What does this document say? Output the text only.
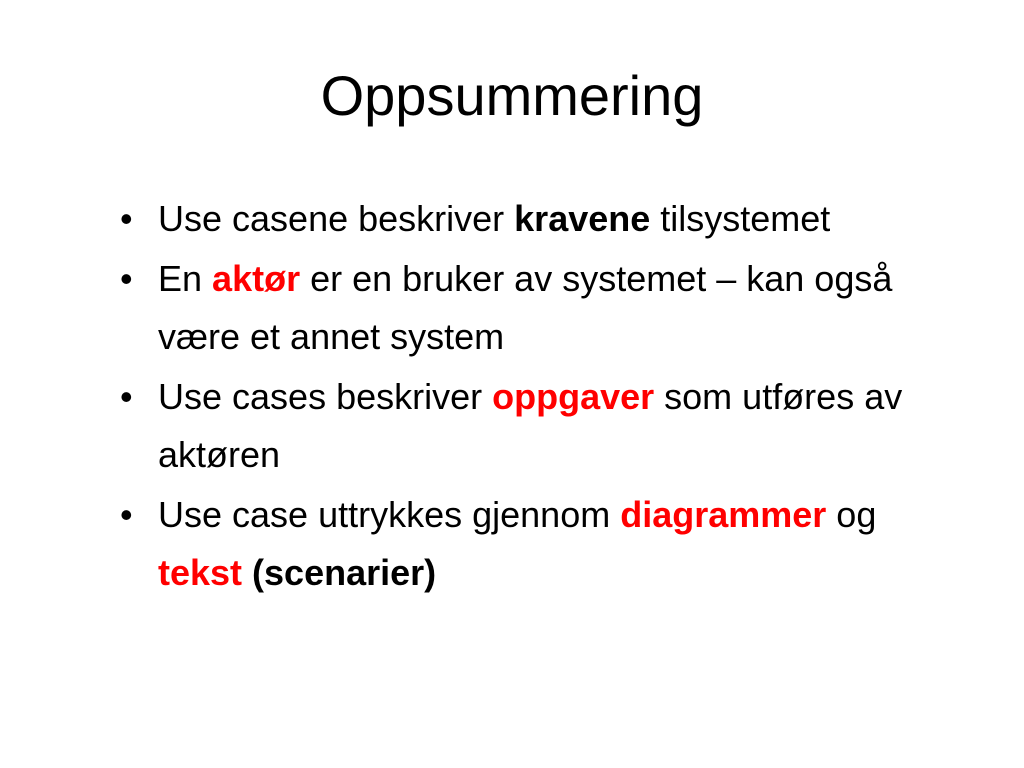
Oppsummering
• Use casene beskriver kravene tilsystemet
• En aktør er en bruker av systemet – kan også være et annet system
• Use cases beskriver oppgaver som utføres av aktøren
• Use case uttrykkes gjennom diagrammer og tekst (scenarier)
